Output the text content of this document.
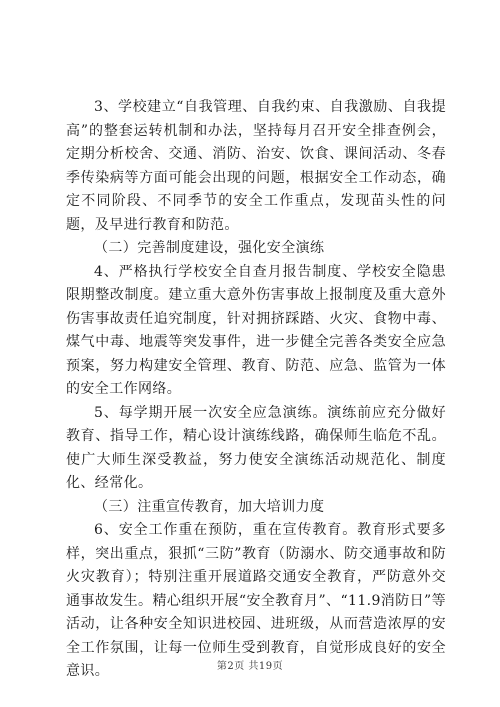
3、学校建立“自我管理、自我约束、自我激励、自我提高”的整套运转机制和办法，坚持每月召开安全排查例会，定期分析校舍、交通、消防、治安、饮食、课间活动、冬春季传染病等方面可能会出现的问题，根据安全工作动态，确定不同阶段、不同季节的安全工作重点，发现苗头性的问题，及早进行教育和防范。

（二）完善制度建设，强化安全演练

4、严格执行学校安全自查月报告制度、学校安全隐患限期整改制度。建立重大意外伤害事故上报制度及重大意外伤害事故责任追究制度，针对拥挤踩踏、火灾、食物中毒、煤气中毒、地震等突发事件，进一步健全完善各类安全应急预案，努力构建安全管理、教育、防范、应急、监管为一体的安全工作网络。

5、每学期开展一次安全应急演练。演练前应充分做好教育、指导工作，精心设计演练线路，确保师生临危不乱。使广大师生深受教益，努力使安全演练活动规范化、制度化、经常化。

（三）注重宣传教育，加大培训力度

6、安全工作重在预防，重在宣传教育。教育形式要多样，突出重点，狠抓“三防”教育（防溺水、防交通事故和防火灾教育）；特别注重开展道路交通安全教育，严防意外交通事故发生。精心组织开展“安全教育月”、“11.9消防日”等活动，让各种安全知识进校园、进班级，从而营造浓厚的安全工作氛围，让每一位师生受到教育，自觉形成良好的安全意识。	第2页 共19页
